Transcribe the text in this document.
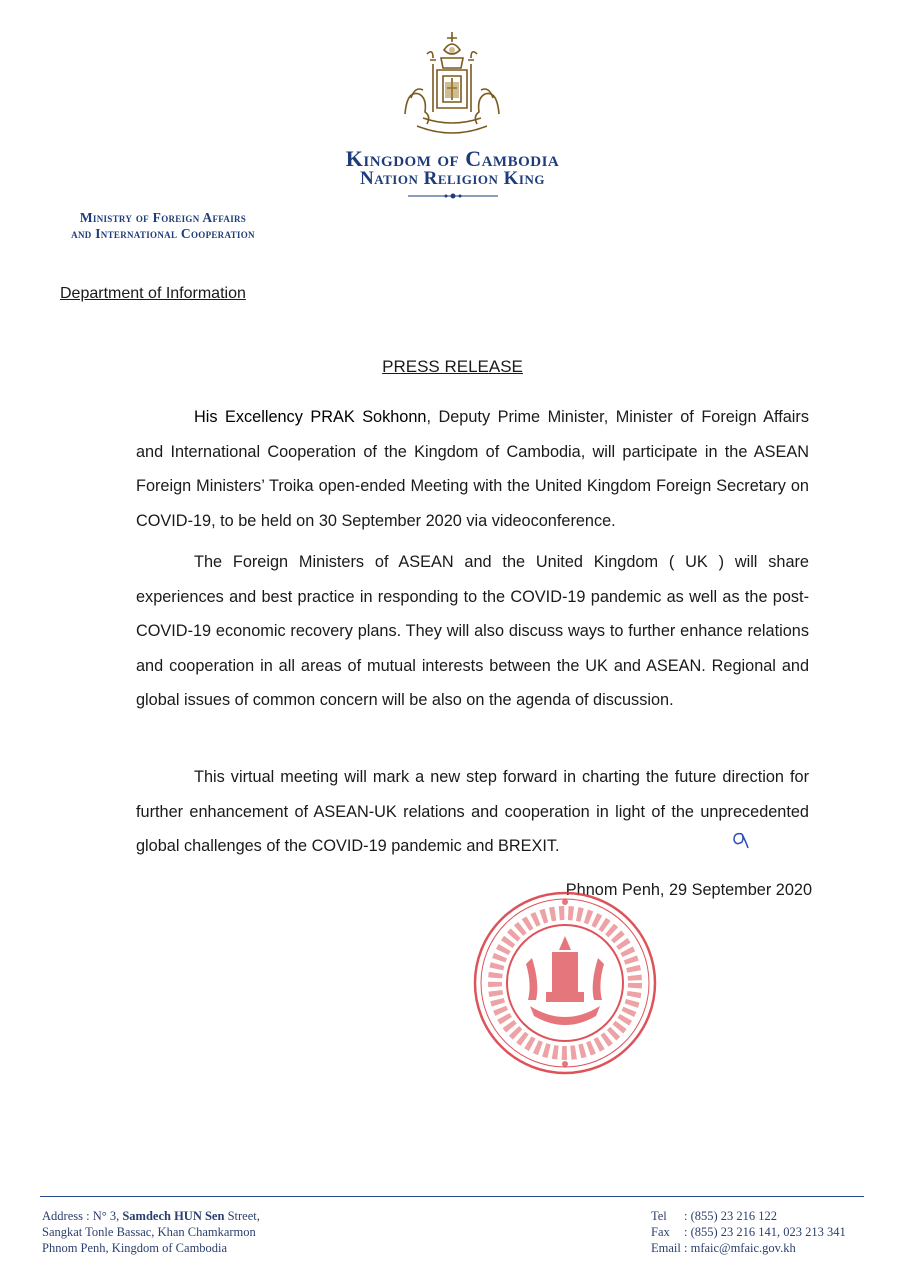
Kingdom of Cambodia
Nation Religion King
Ministry of Foreign Affairs
and International Cooperation
Department of Information
PRESS RELEASE

His Excellency PRAK Sokhonn, Deputy Prime Minister, Minister of Foreign Affairs and International Cooperation of the Kingdom of Cambodia, will participate in the ASEAN Foreign Ministers’ Troika open-ended Meeting with the United Kingdom Foreign Secretary on COVID-19, to be held on 30 September 2020 via videoconference.

The Foreign Ministers of ASEAN and the United Kingdom ( UK ) will share experiences and best practice in responding to the COVID-19 pandemic as well as the post-COVID-19 economic recovery plans. They will also discuss ways to further enhance relations and cooperation in all areas of mutual interests between the UK and ASEAN. Regional and global issues of common concern will be also on the agenda of discussion.

This virtual meeting will mark a new step forward in charting the future direction for further enhancement of ASEAN-UK relations and cooperation in light of the unprecedented global challenges of the COVID-19 pandemic and BREXIT.

Phnom Penh, 29 September 2020
Address : N° 3, Samdech HUN Sen Street,
Sangkat Tonle Bassac, Khan Chamkarmon
Phnom Penh, Kingdom of Cambodia
Tel	: (855) 23 216 122
Fax	: (855) 23 216 141, 023 213 341
Email : mfaic@mfaic.gov.kh
